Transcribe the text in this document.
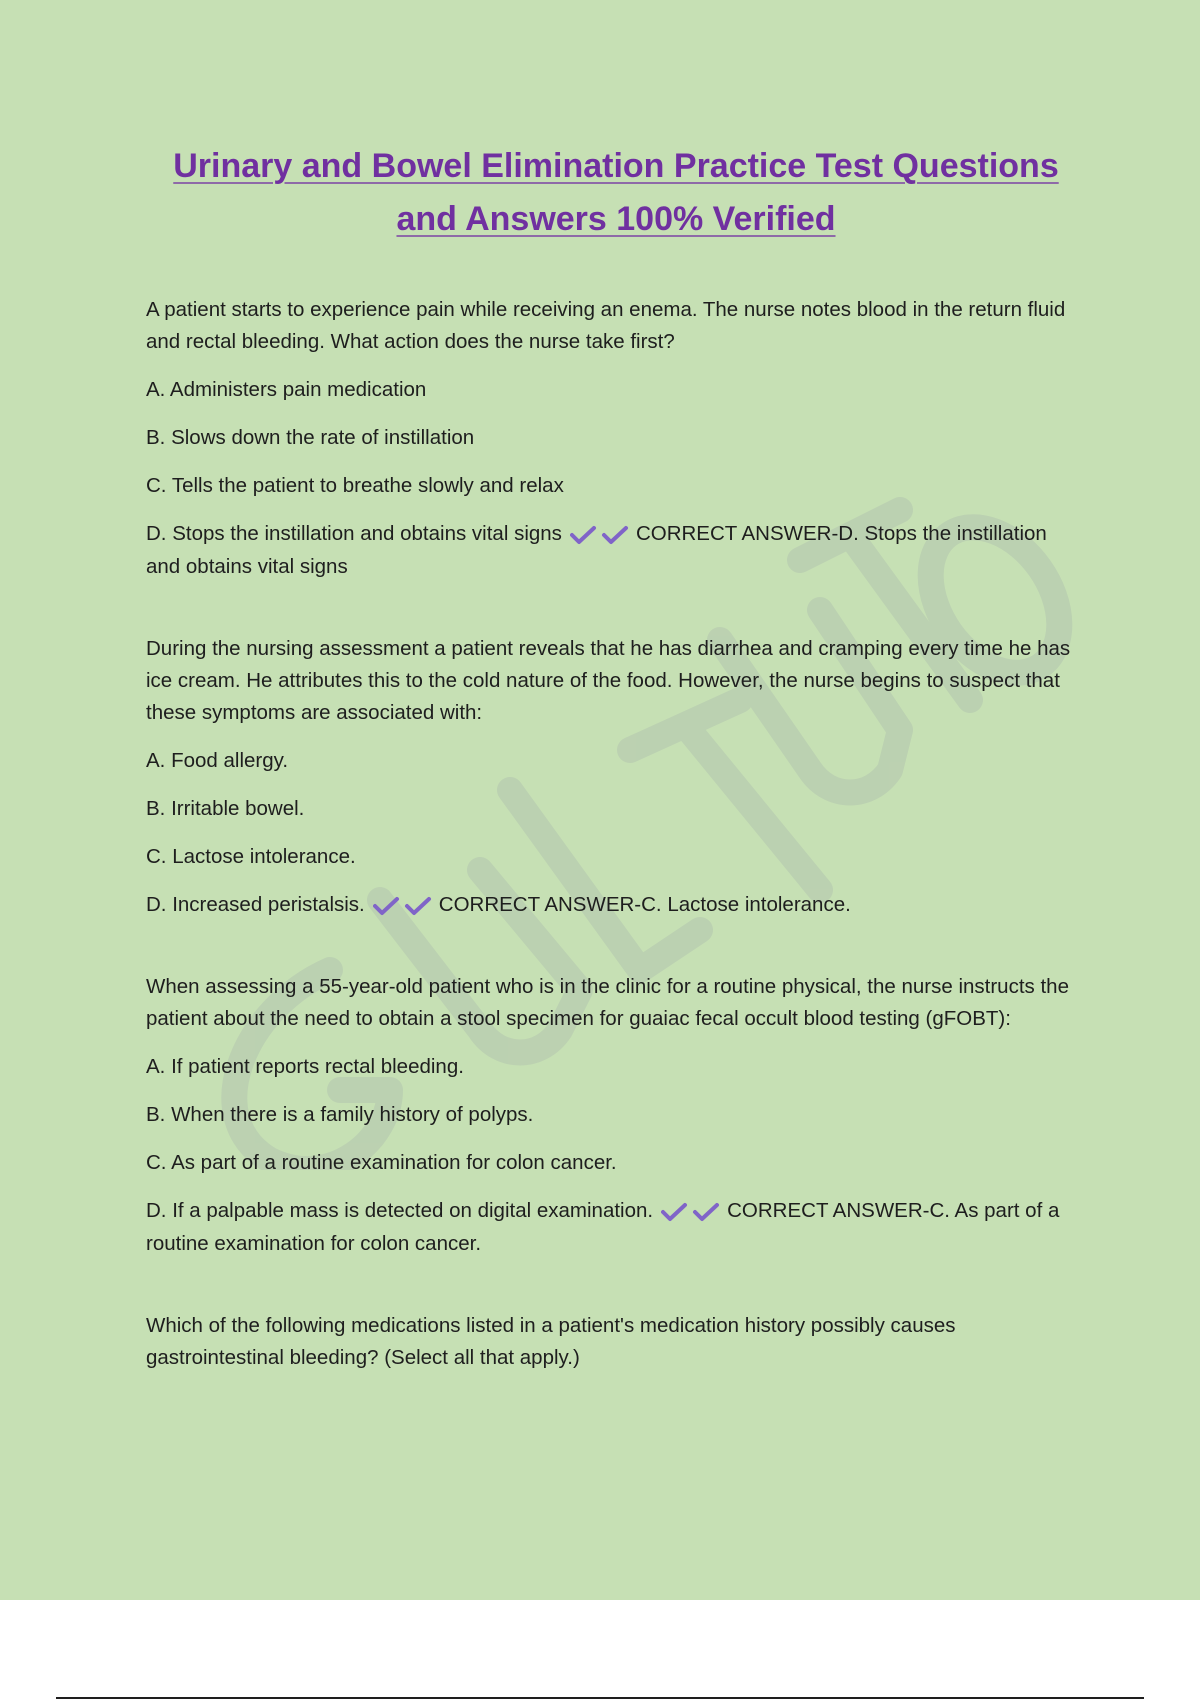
Urinary and Bowel Elimination Practice Test Questions
and Answers 100% Verified

A patient starts to experience pain while receiving an enema. The nurse notes blood in the return fluid and rectal bleeding. What action does the nurse take first?

A. Administers pain medication

B. Slows down the rate of instillation

C. Tells the patient to breathe slowly and relax

D. Stops the instillation and obtains vital signs	CORRECT ANSWER-D. Stops the instillation and obtains vital signs

During the nursing assessment a patient reveals that he has diarrhea and cramping every time he has ice cream. He attributes this to the cold nature of the food. However, the nurse begins to suspect that these symptoms are associated with:

A. Food allergy.

B. Irritable bowel.

C. Lactose intolerance.

D. Increased peristalsis.	CORRECT ANSWER-C. Lactose intolerance.

When assessing a 55-year-old patient who is in the clinic for a routine physical, the nurse instructs the patient about the need to obtain a stool specimen for guaiac fecal occult blood testing (gFOBT):

A. If patient reports rectal bleeding.

B. When there is a family history of polyps.

C. As part of a routine examination for colon cancer.

D. If a palpable mass is detected on digital examination.	CORRECT ANSWER-C. As part of a routine examination for colon cancer.

Which of the following medications listed in a patient's medication history possibly causes gastrointestinal bleeding? (Select all that apply.)
